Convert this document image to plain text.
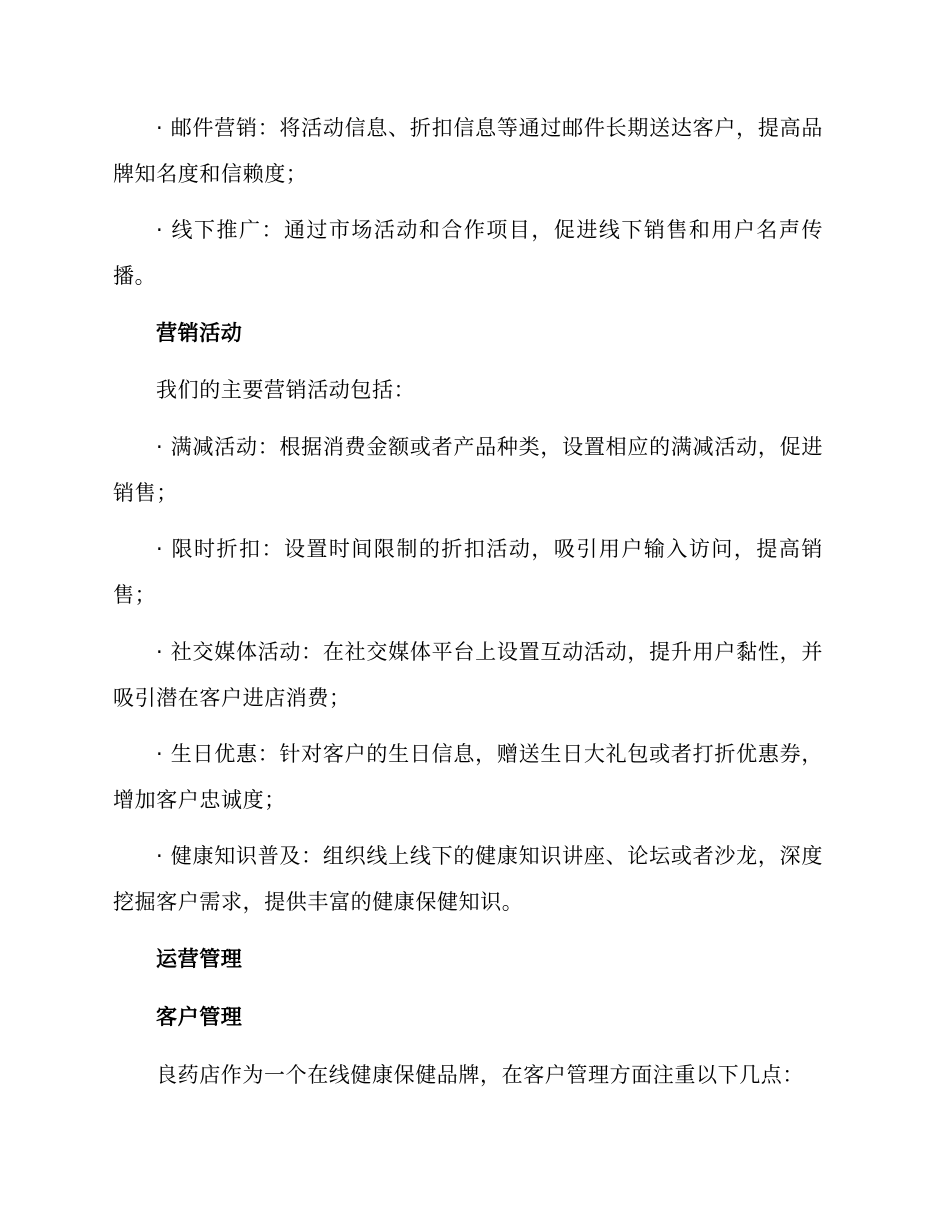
· 邮件营销：将活动信息、折扣信息等通过邮件长期送达客户，提高品牌知名度和信赖度；

· 线下推广：通过市场活动和合作项目，促进线下销售和用户名声传播。

营销活动

我们的主要营销活动包括：

· 满减活动：根据消费金额或者产品种类，设置相应的满减活动，促进销售；

· 限时折扣：设置时间限制的折扣活动，吸引用户输入访问，提高销售；

· 社交媒体活动：在社交媒体平台上设置互动活动，提升用户黏性，并吸引潜在客户进店消费；

· 生日优惠：针对客户的生日信息，赠送生日大礼包或者打折优惠券，增加客户忠诚度；

· 健康知识普及：组织线上线下的健康知识讲座、论坛或者沙龙，深度挖掘客户需求，提供丰富的健康保健知识。

运营管理
客户管理

良药店作为一个在线健康保健品牌，在客户管理方面注重以下几点：
